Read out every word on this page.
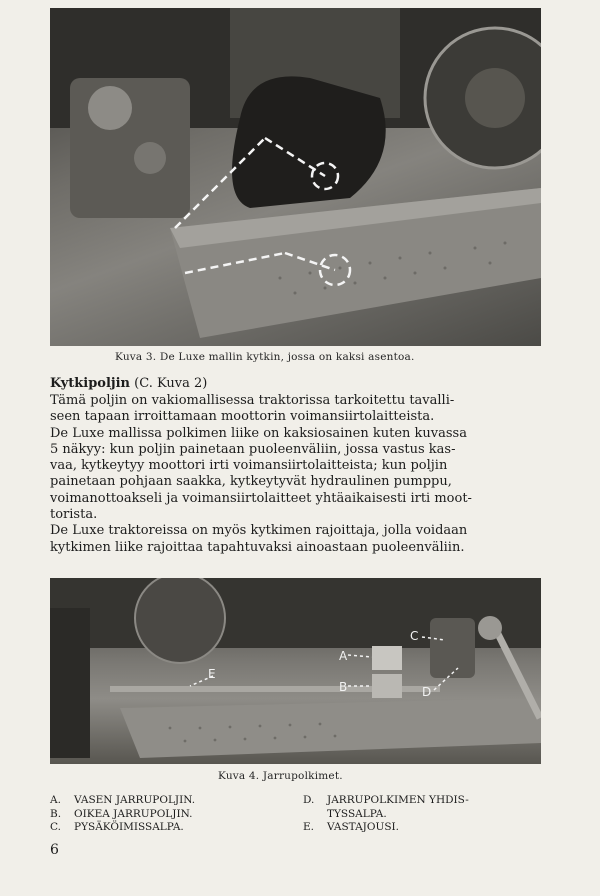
Kuva 3. De Luxe mallin kytkin, jossa on kaksi asentoa.
Kytkipoljin (C. Kuva 2)
Tämä poljin on vakiomallisessa traktorissa tarkoitettu tavalli-
seen tapaan irroittamaan moottorin voimansiirtolaitteista.
De Luxe mallissa polkimen liike on kaksiosainen kuten kuvassa
5 näkyy: kun poljin painetaan puoleenväliin, jossa vastus kas-
vaa, kytkeytyy moottori irti voimansiirtolaitteista; kun poljin
painetaan pohjaan saakka, kytkeytyvät hydraulinen pumppu,
voimanottoakseli ja voimansiirtolaitteet yhtäaikaisesti irti moot-
torista.
De Luxe traktoreissa on myös kytkimen rajoittaja, jolla voidaan
kytkimen liike rajoittaa tapahtuvaksi ainoastaan puoleenväliin.
A
B
C
D
E
Kuva 4. Jarrupolkimet.
A. VASEN JARRUPOLJIN.
B. OIKEA JARRUPOLJIN.
C. PYSÄKÖIMISSALPA.
D. JARRUPOLKIMEN YHDIS-
TYSSALPA.
E. VASTAJOUSI.
6
